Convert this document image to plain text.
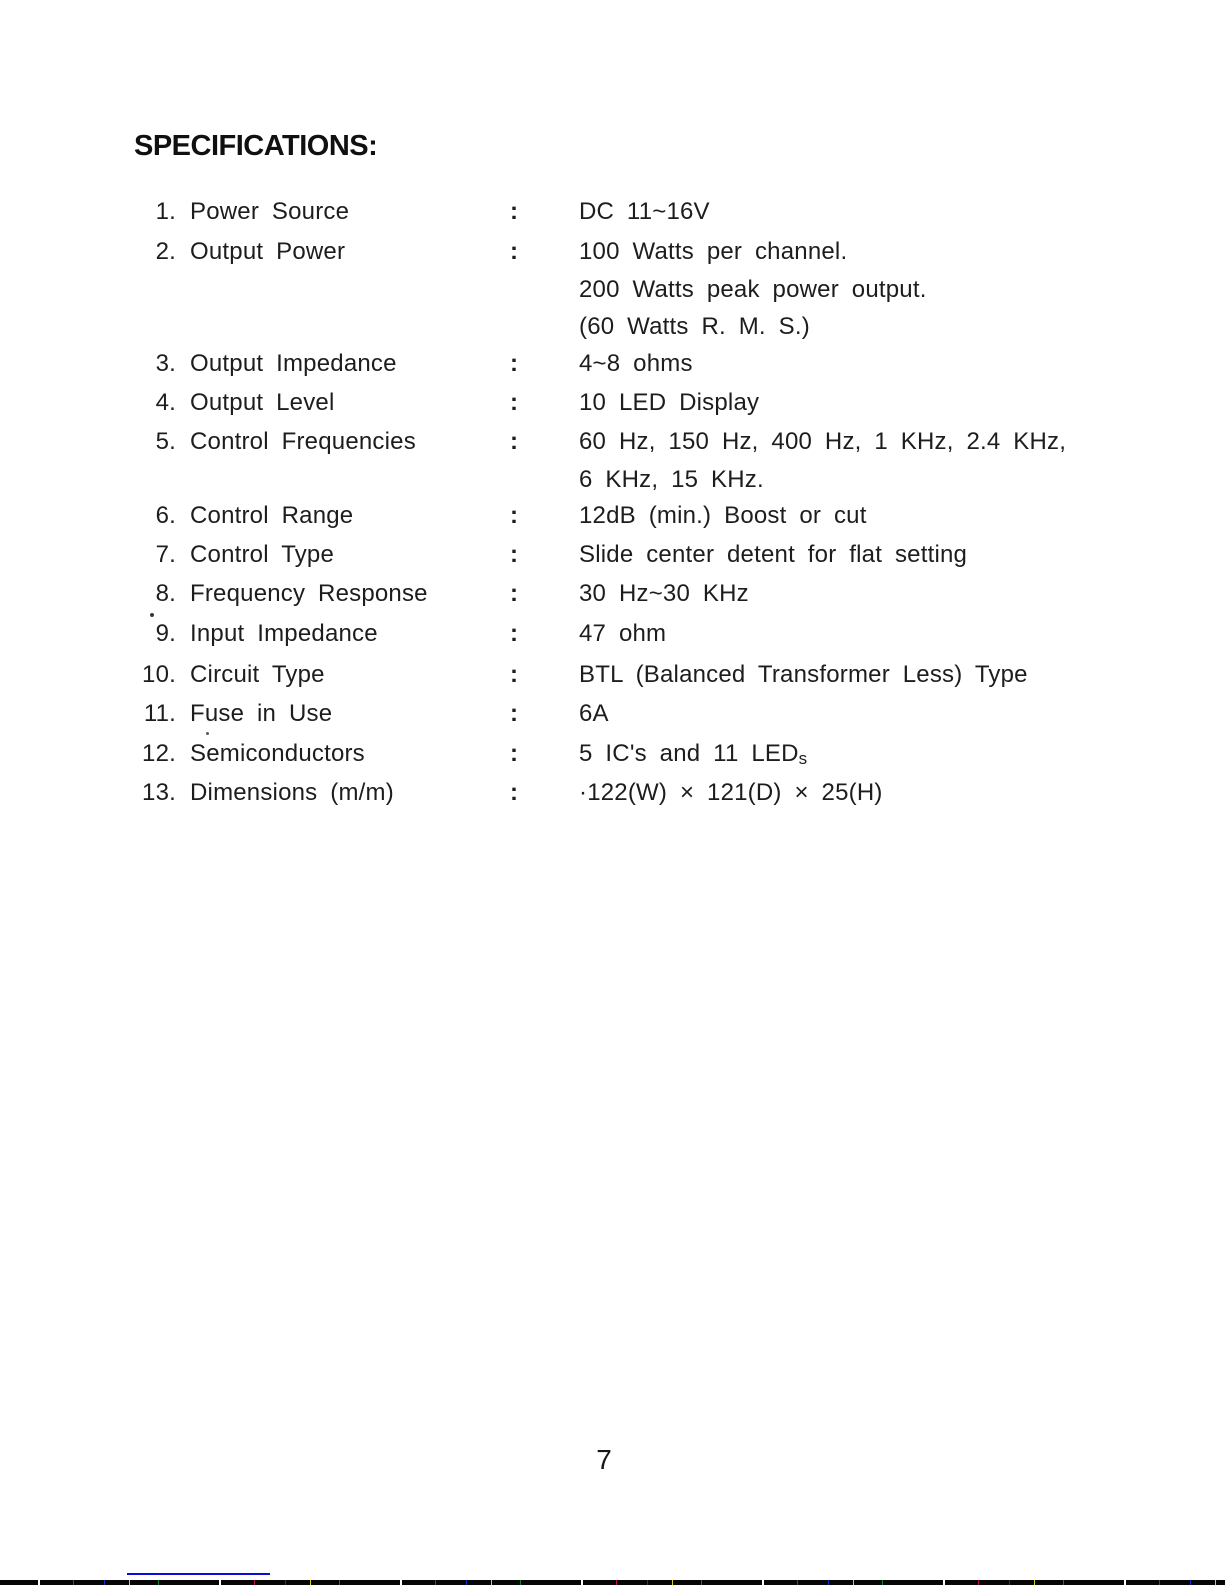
SPECIFICATIONS:
1. Power Source	:	DC 11~16V
2. Output Power	:	100 Watts per channel.
200 Watts peak power output.
(60 Watts R. M. S.)
3. Output Impedance	:	4~8 ohms
4. Output Level	:	10 LED Display
5. Control Frequencies	:	60 Hz, 150 Hz, 400 Hz, 1 KHz, 2.4 KHz,
6 KHz, 15 KHz.
6. Control Range	:	12dB (min.) Boost or cut
7. Control Type	:	Slide center detent for flat setting
8. Frequency Response	:	30 Hz~30 KHz
9. Input Impedance	:	47 ohm
10. Circuit Type	:	BTL (Balanced Transformer Less) Type
11. Fuse in Use	:	6A
12. Semiconductors	:	5 IC's and 11 LEDs
13. Dimensions (m/m)	:	·122(W) × 121(D) × 25(H)
7
